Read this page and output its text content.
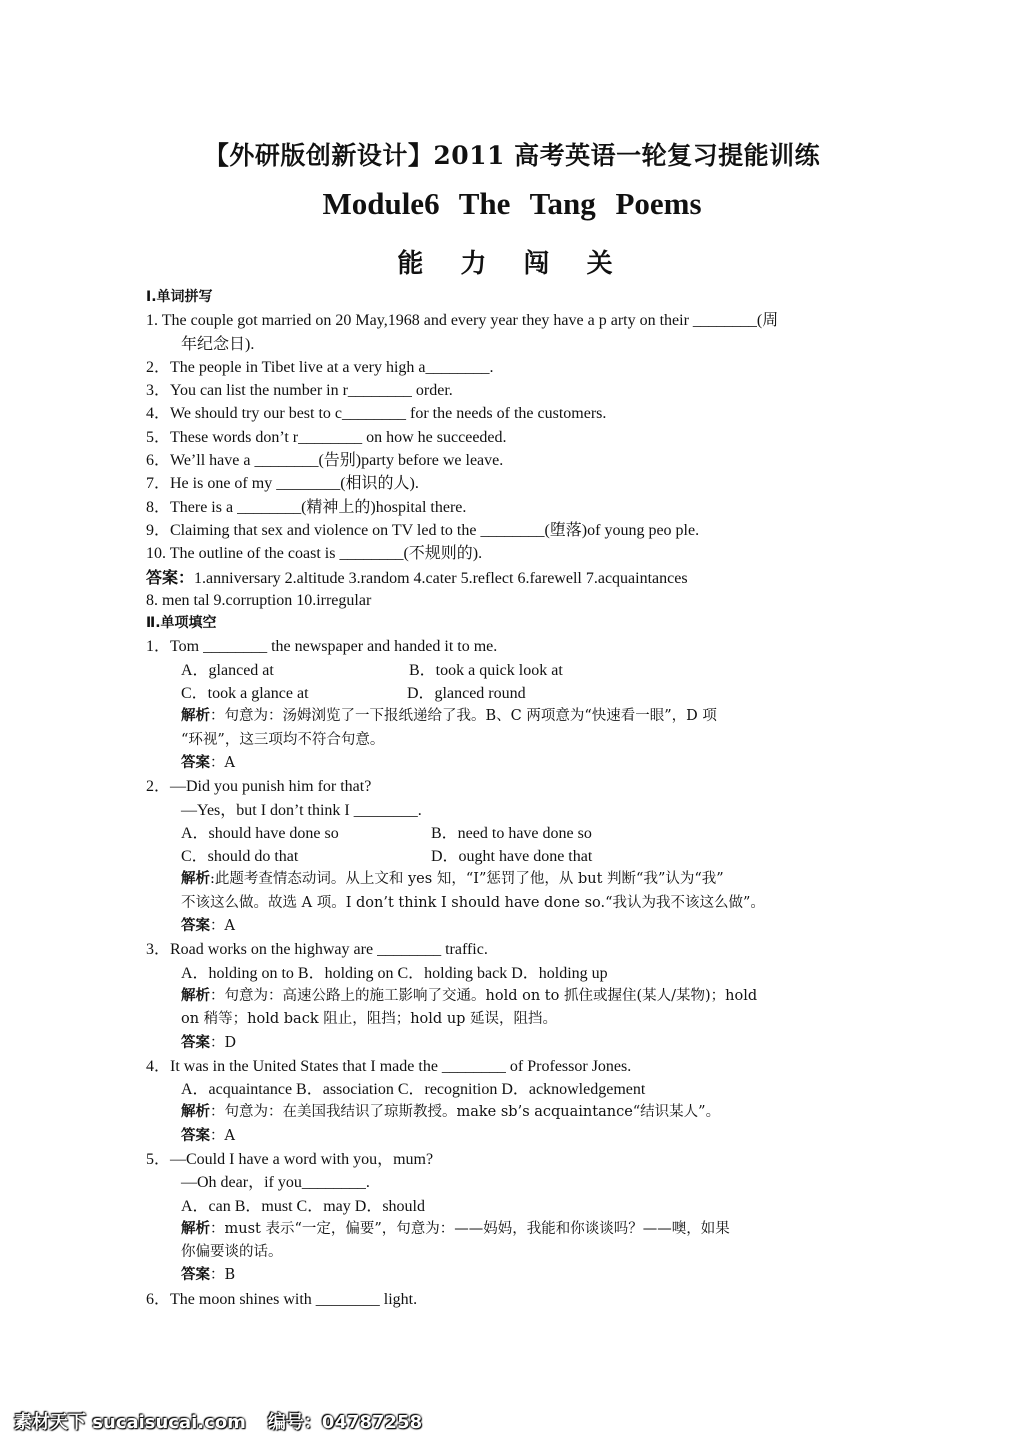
【外研版创新设计】2011 高考英语一轮复习提能训练
Module6 The Tang Poems
能 力 闯 关
Ⅰ.单词拼写
1. The couple got married on 20 May,1968 and every year they have a p arty on their ________(周
年纪念日).
2．The people in Tibet live at a very high a________.
3．You can list the number in r________ order.
4．We should try our best to c________ for the needs of the customers.
5．These words don’t r________ on how he succeeded.
6．We’ll have a ________(告别)party before we leave.
7．He is one of my ________(相识的人).
8．There is a ________(精神上的)hospital there.
9．Claiming that sex and violence on TV led to the ________(堕落)of young peo ple.
10. The outline of the coast is ________(不规则的).
答案：1.anniversary 2.altitude 3.random 4.cater 5.reflect 6.farewell 7.acquaintances
8. men tal 9.corruption 10.irregular
Ⅱ.单项填空
1．Tom ________ the newspaper and handed it to me.
A．glanced at	B．took a quick look at
C．took a glance at	D．glanced round
解析：句意为：汤姆浏览了一下报纸递给了我。B、C 两项意为“快速看一眼”，D 项
“环视”，这三项均不符合句意。
答案：A
2．—Did you punish him for that?
—Yes，but I don’t think I ________.
A．should have done so	B．need to have done so
C．should do that	D．ought have done that
解析:此题考查情态动词。从上文和 yes 知，“I”惩罚了他，从 but 判断“我”认为“我”
不该这么做。故选 A 项。I don’t think I should have done so.“我认为我不该这么做”。
答案：A
3．Road works on the highway are ________ traffic.
A．holding on to B．holding on C．holding back D．holding up
解析：句意为：高速公路上的施工影响了交通。hold on to 抓住或握住(某人/某物)；hold
on 稍等；hold back 阻止，阻挡；hold up 延误，阻挡。
答案：D
4．It was in the United States that I made the ________ of Professor Jones.
A．acquaintance B．association C．recognition D．acknowledgement
解析：句意为：在美国我结识了琼斯教授。make sb’s acquaintance“结识某人”。
答案：A
5．—Could I have a word with you，mum?
—Oh dear，if you________.
A．can B．must C．may D．should
解析：must 表示“一定，偏要”，句意为：——妈妈，我能和你谈谈吗？——噢，如果
你偏要谈的话。
答案：B
6．The moon shines with ________ light.
素材天下 sucaisucai.com 编号：04787258
